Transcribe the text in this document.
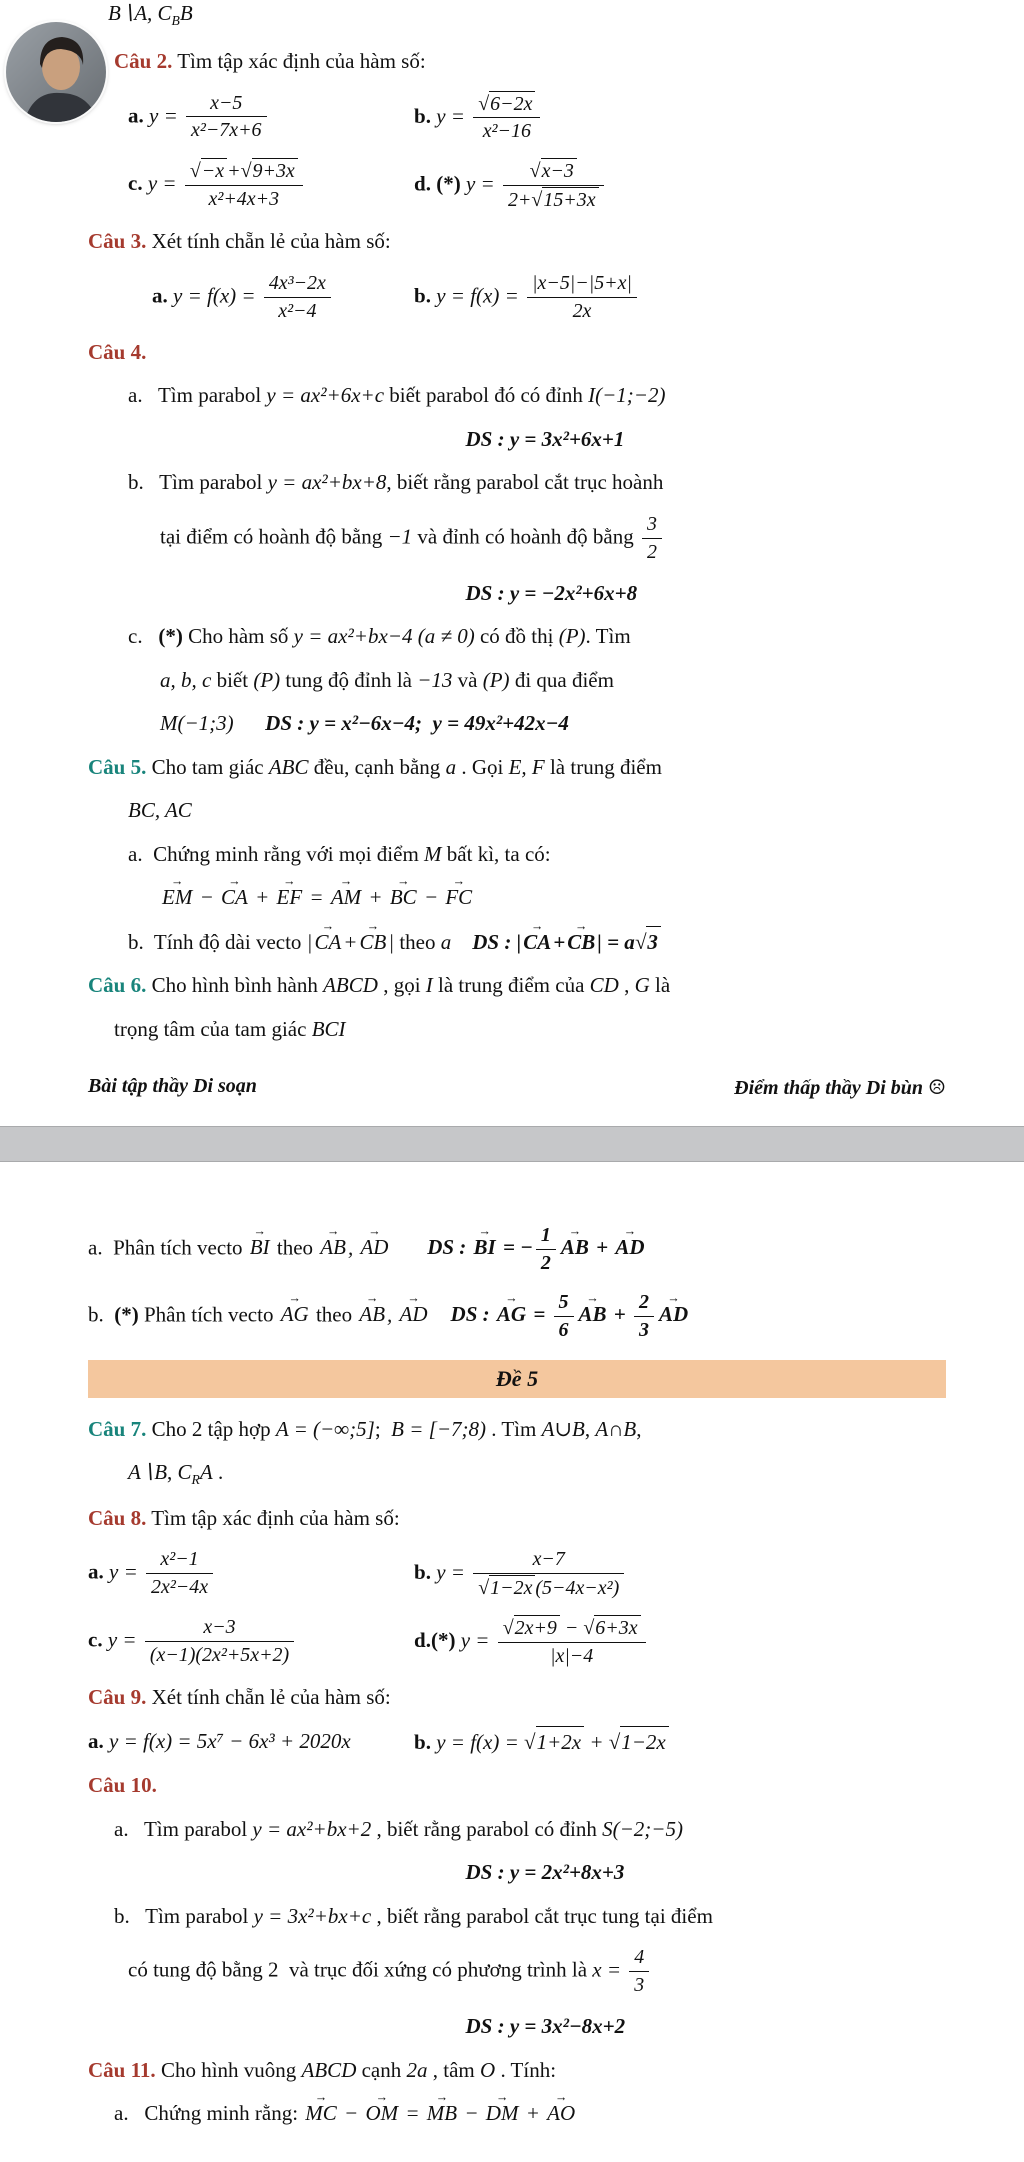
B∖A, $C_BB$
Câu 2. Tìm tập xác định của hàm số:
a. $y = \frac{x-5}{\text{x²−7x+6}}$	b. $y = \frac{√6-2x}{\text{x²−16}}$
c. $y = \frac{√-x +√9+3x}{\text{x²+4x+3}}$	d. (*) $y = \frac{√x-3}{2+√15+3x}$
Câu 3. Xét tính chẵn lẻ của hàm số:
a. $y = f(x) = \frac{\text{4x³−2x}}{\text{x²−4}}$	b. $y = f(x) = \frac{|x-5|-|5+x|}{2x}$
Câu 4.
a.   Tìm parabol y = ax²+6x+c biết parabol đó có đỉnh I(−1;−2)
DS : y = 3x²+6x+1
b.   Tìm parabol y = ax²+bx+8, biết rằng parabol cắt trục hoành
tại điểm có hoành độ bằng −1 và đỉnh có hoành độ bằng $\frac{3}{2}$
DS : y = −2x²+6x+8
c.   (*) Cho hàm số y = ax²+bx−4 (a ≠ 0) có đồ thị (P). Tìm
a, b, c biết (P) tung độ đỉnh là −13 và (P) đi qua điểm
M(−1;3) DS : y = x²−6x−4;  y = 49x²+42x−4
Câu 5. Cho tam giác ABC đều, cạnh bằng a . Gọi E, F là trung điểm
BC, AC
a.  Chứng minh rằng với mọi điểm M bất kì, ta có:
→ EM − → CA + → EF = → AM + → BC − → FC
b.  Tính độ dài vecto |→ CA+→ CB| theo a DS : |→ CA+→ CB| = a√3
Câu 6. Cho hình bình hành ABCD , gọi I là trung điểm của CD , G là
trọng tâm của tam giác BCI
Bài tập thầy Di soạn	Điểm thấp thầy Di bùn ☹
a.  Phân tích vecto → BI theo → AB, → AD DS : → BI = − $\frac{1}{2}$ → AB + → AD
b.  (*) Phân tích vecto → AG theo → AB, → AD DS : → AG = $\frac{5}{6}$ → AB + $\frac{2}{3}$ → AD
Đề 5
Câu 7. Cho 2 tập hợp A = (−∞;5];  B = [−7;8) . Tìm A∪B, A∩B,
A∖B, $C_RA$ .
Câu 8. Tìm tập xác định của hàm số:
a. $y = \frac{\text{x²−1}}{\text{2x²−4x}}$	b. $y = \frac{x-7}{\text{√1−2x (5−4x−x²)}}$
c. $y = \frac{x-3}{\text{(x−1)(2x²+5x+2)}}$	d.(*) $y = \frac{√2x+9 - √6+3x}{|x|-4}$
Câu 9. Xét tính chẵn lẻ của hàm số:
a. y = f(x) = 5x⁷ − 6x³ + 2020x	b. y = f(x) = √1+2x + √1−2x
Câu 10.
a.   Tìm parabol y = ax²+bx+2 , biết rằng parabol có đỉnh S(−2;−5)
DS : y = 2x²+8x+3
b.   Tìm parabol y = 3x²+bx+c , biết rằng parabol cắt trục tung tại điểm
có tung độ bằng 2  và trục đối xứng có phương trình là $x = \frac{4}{3}$
DS : y = 3x²−8x+2
Câu 11. Cho hình vuông ABCD cạnh 2a , tâm O . Tính:
a.   Chứng minh rằng: → MC − → OM = → MB − → DM + → AO
